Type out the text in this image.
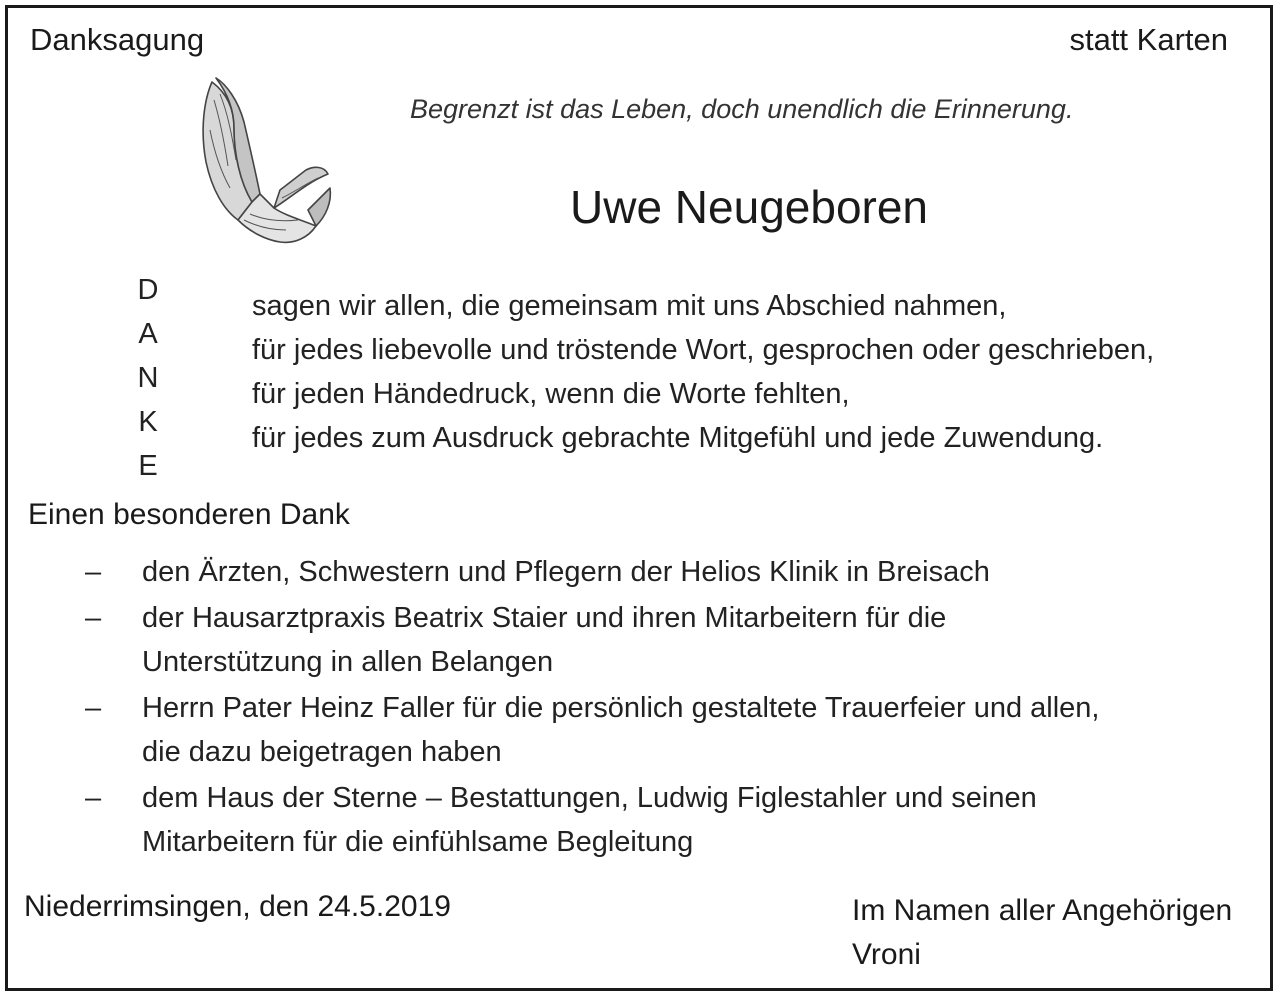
Danksagung	statt Karten
Begrenzt ist das Leben, doch unendlich die Erinnerung.
Uwe Neugeboren
D
A
N
K
E
sagen wir allen, die gemeinsam mit uns Abschied nahmen,
für jedes liebevolle und tröstende Wort, gesprochen oder geschrieben,
für jeden Händedruck, wenn die Worte fehlten,
für jedes zum Ausdruck gebrachte Mitgefühl und jede Zuwendung.
Einen besonderen Dank
– den Ärzten, Schwestern und Pflegern der Helios Klinik in Breisach
– der Hausarztpraxis Beatrix Staier und ihren Mitarbeitern für die
Unterstützung in allen Belangen
– Herrn Pater Heinz Faller für die persönlich gestaltete Trauerfeier und allen,
die dazu beigetragen haben
– dem Haus der Sterne – Bestattungen, Ludwig Figlestahler und seinen
Mitarbeitern für die einfühlsame Begleitung
Niederrimsingen, den 24.5.2019	Im Namen aller Angehörigen
Vroni
